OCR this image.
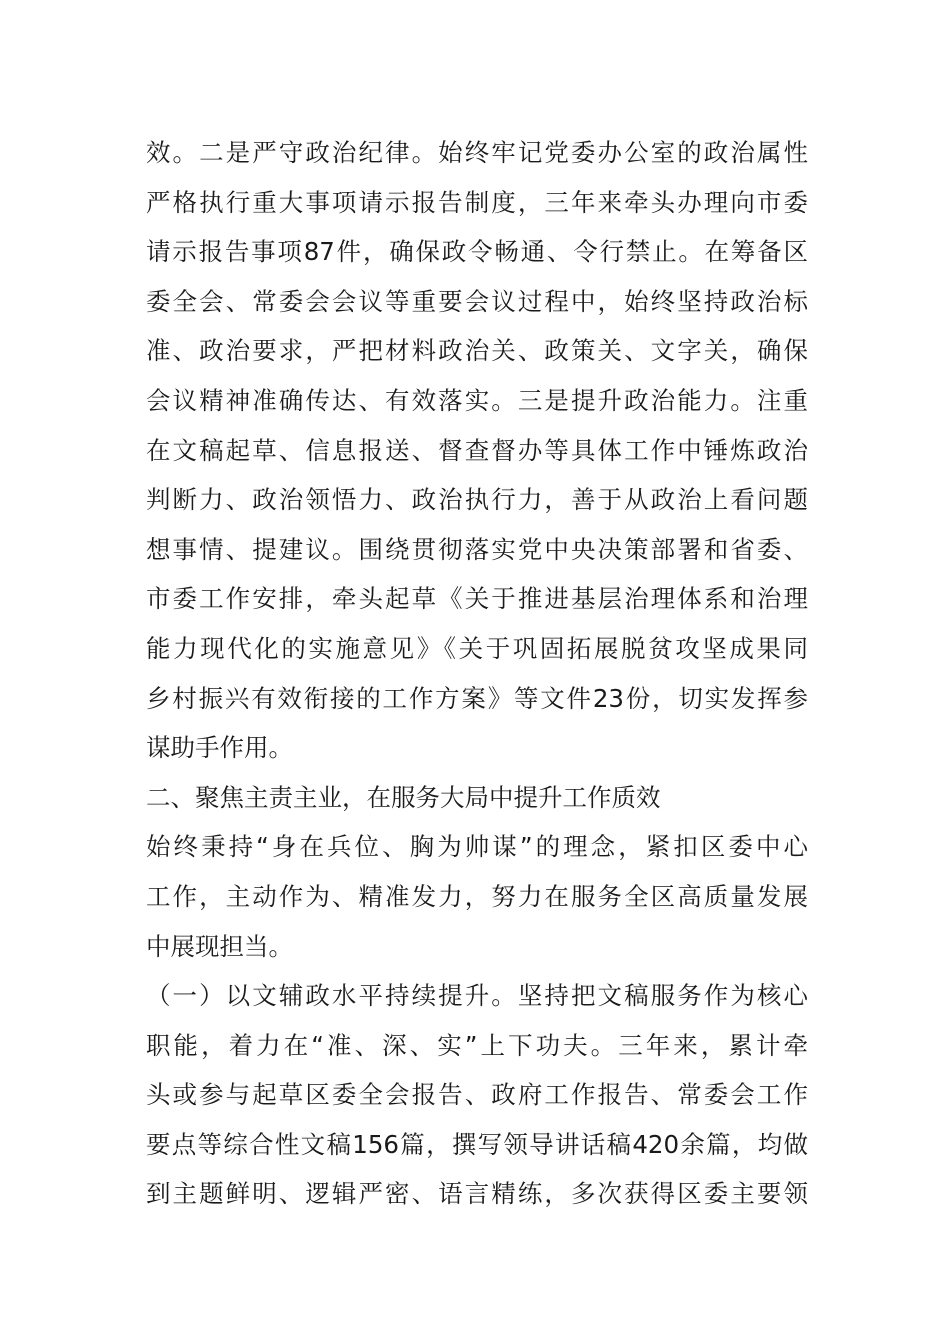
效。二是严守政治纪律。始终牢记党委办公室的政治属性
严格执行重大事项请示报告制度，三年来牵头办理向市委
请示报告事项87件，确保政令畅通、令行禁止。在筹备区
委全会、常委会会议等重要会议过程中，始终坚持政治标
准、政治要求，严把材料政治关、政策关、文字关，确保
会议精神准确传达、有效落实。三是提升政治能力。注重
在文稿起草、信息报送、督查督办等具体工作中锤炼政治
判断力、政治领悟力、政治执行力，善于从政治上看问题
想事情、提建议。围绕贯彻落实党中央决策部署和省委、
市委工作安排，牵头起草《关于推进基层治理体系和治理
能力现代化的实施意见》《关于巩固拓展脱贫攻坚成果同
乡村振兴有效衔接的工作方案》等文件23份，切实发挥参
谋助手作用。
二、聚焦主责主业，在服务大局中提升工作质效
始终秉持“身在兵位、胸为帅谋”的理念，紧扣区委中心
工作，主动作为、精准发力，努力在服务全区高质量发展
中展现担当。
（一）以文辅政水平持续提升。坚持把文稿服务作为核心
职能，着力在“准、深、实”上下功夫。三年来，累计牵
头或参与起草区委全会报告、政府工作报告、常委会工作
要点等综合性文稿156篇，撰写领导讲话稿420余篇，均做
到主题鲜明、逻辑严密、语言精练，多次获得区委主要领
